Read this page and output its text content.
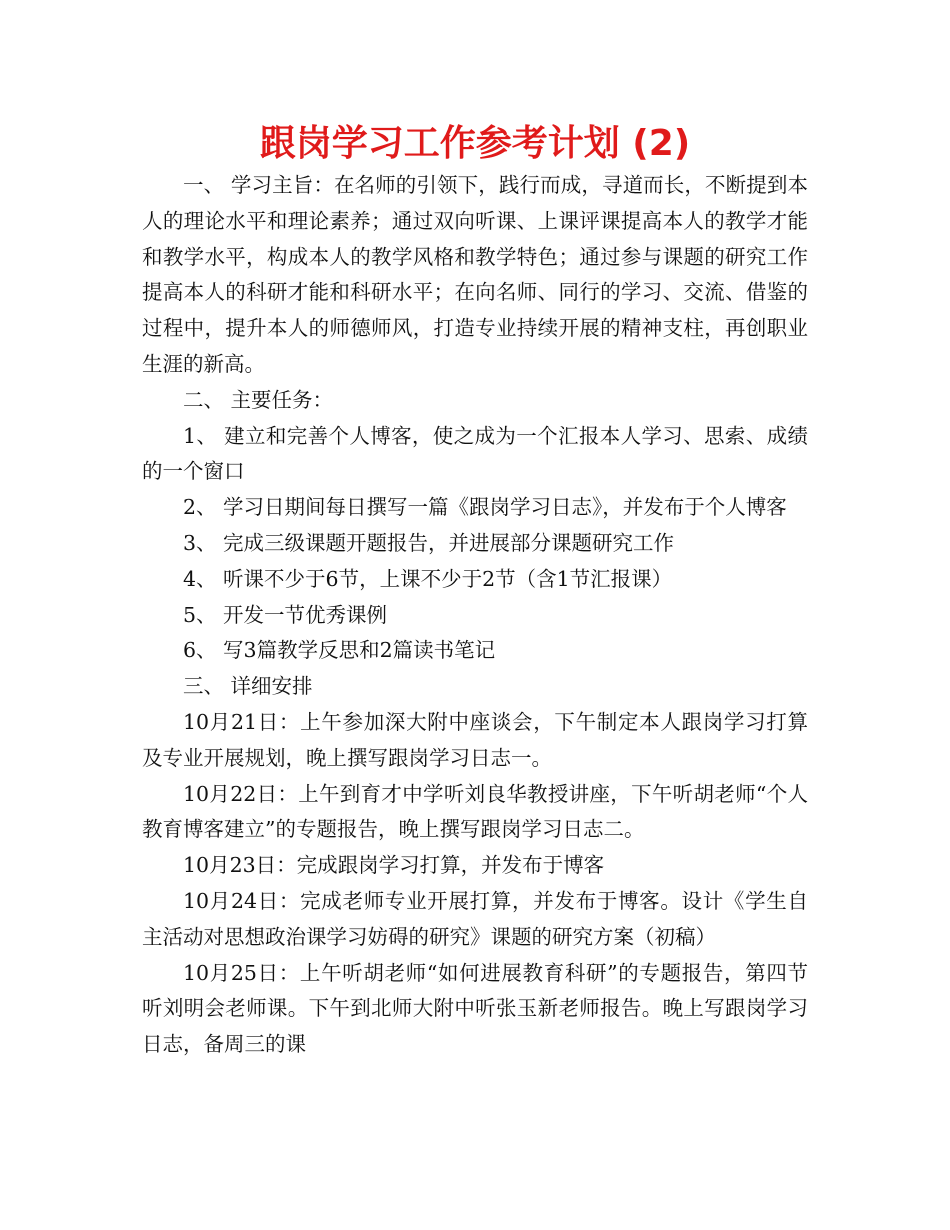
跟岗学习工作参考计划 (2)

一、 学习主旨：在名师的引领下，践行而成，寻道而长，不断提到本人的理论水平和理论素养；通过双向听课、上课评课提高本人的教学才能和教学水平，构成本人的教学风格和教学特色；通过参与课题的研究工作提高本人的科研才能和科研水平；在向名师、同行的学习、交流、借鉴的过程中，提升本人的师德师风，打造专业持续开展的精神支柱，再创职业生涯的新高。

二、 主要任务：

1、 建立和完善个人博客，使之成为一个汇报本人学习、思索、成绩的一个窗口

2、 学习日期间每日撰写一篇《跟岗学习日志》，并发布于个人博客

3、 完成三级课题开题报告，并进展部分课题研究工作

4、 听课不少于6节，上课不少于2节（含1节汇报课）

5、 开发一节优秀课例

6、 写3篇教学反思和2篇读书笔记

三、 详细安排

10月21日：上午参加深大附中座谈会，下午制定本人跟岗学习打算及专业开展规划，晚上撰写跟岗学习日志一。

10月22日：上午到育才中学听刘良华教授讲座，下午听胡老师“个人教育博客建立”的专题报告，晚上撰写跟岗学习日志二。

10月23日：完成跟岗学习打算，并发布于博客

10月24日：完成老师专业开展打算，并发布于博客。设计《学生自主活动对思想政治课学习妨碍的研究》课题的研究方案（初稿）

10月25日：上午听胡老师“如何进展教育科研”的专题报告，第四节听刘明会老师课。下午到北师大附中听张玉新老师报告。晚上写跟岗学习日志，备周三的课
